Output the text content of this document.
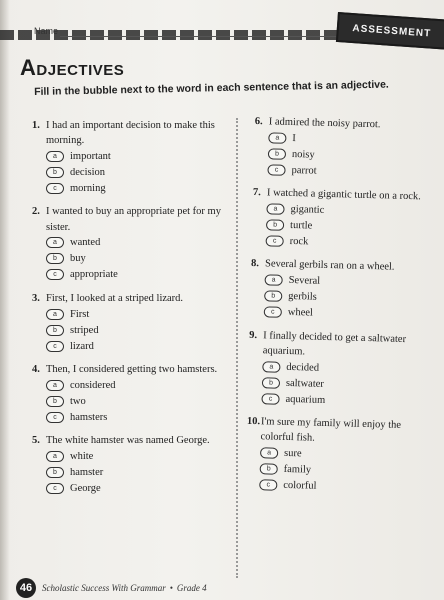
Name	ASSESSMENT
Adjectives
Fill in the bubble next to the word in each sentence that is an adjective.
1. I had an important decision to make this morning.
a	important
b	decision
c	morning
2. I wanted to buy an appropriate pet for my sister.
a	wanted
b	buy
c	appropriate
3. First, I looked at a striped lizard.
a	First
b	striped
c	lizard
4. Then, I considered getting two hamsters.
a	considered
b	two
c	hamsters
5. The white hamster was named George.
a	white
b	hamster
c	George
6. I admired the noisy parrot.
a	I
b	noisy
c	parrot
7. I watched a gigantic turtle on a rock.
a	gigantic
b	turtle
c	rock
8. Several gerbils ran on a wheel.
a	Several
b	gerbils
c	wheel
9. I finally decided to get a saltwater aquarium.
a	decided
b	saltwater
c	aquarium
10.I'm sure my family will enjoy the colorful fish.
a	sure
b	family
c	colorful
46	Scholastic Success With Grammar • Grade 4
